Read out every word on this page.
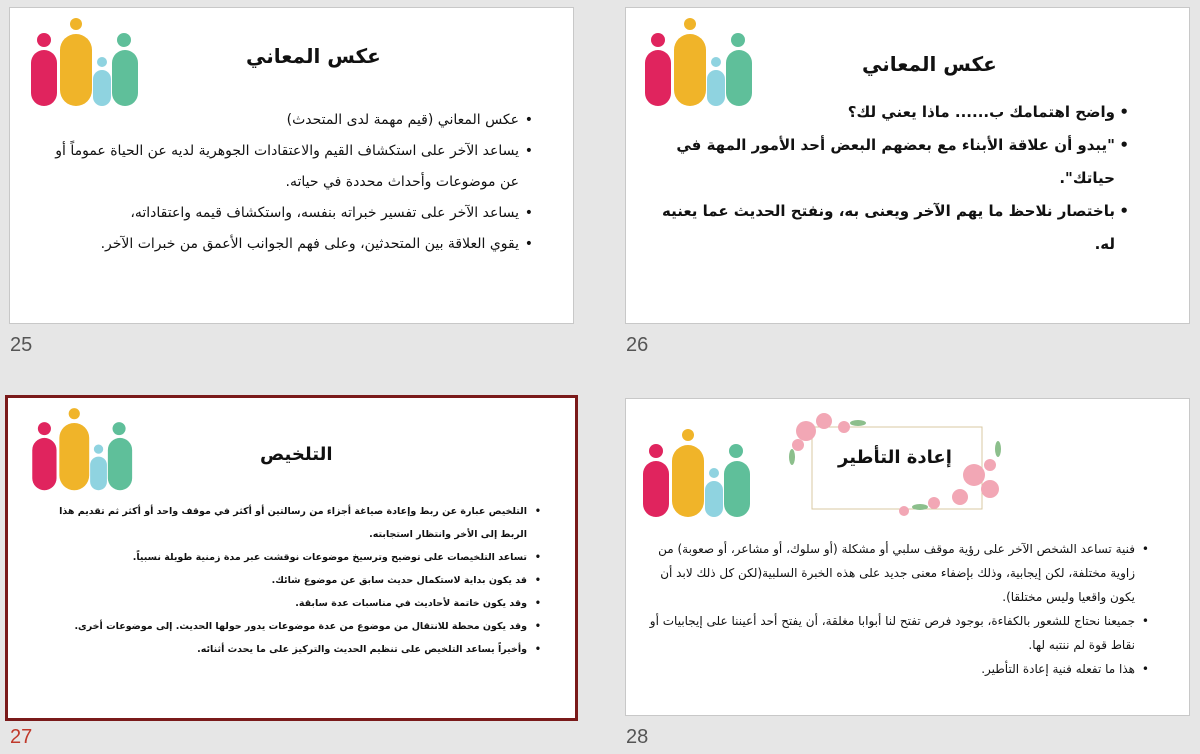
عكس المعاني
• عكس المعاني (قيم مهمة لدى المتحدث)
• يساعد الآخر على استكشاف القيم والاعتقادات الجوهرية لديه عن الحياة عموماً أو عن موضوعات وأحداث محددة في حياته.
• يساعد الآخر على تفسير خبراته بنفسه، واستكشاف قيمه واعتقاداته،
• يقوي العلاقة بين المتحدثين، وعلى فهم الجوانب الأعمق من خبرات الآخر.
25
عكس المعاني
• واضح اهتمامك ب...... ماذا يعني لك؟
• "يبدو أن علاقة الأبناء مع بعضهم البعض أحد الأمور المهة في حياتك".
• باختصار نلاحظ ما يهم الآخر ويعنى به، ونفتح الحديث عما يعنيه له.
26
التلخيص
• التلخيص عبارة عن ربط وإعادة صياغة أجزاء من رسالتين أو أكثر في موقف واحد أو أكثر ثم تقديم هذا الربط إلى الأخر وانتظار استجابته.
• تساعد التلخيصات على توضيح وترسيخ موضوعات نوقشت عبر مدة زمنية طويلة نسبياً.
• قد يكون بداية لاستكمال حديث سابق عن موضوع شائك.
• وقد يكون خاتمة لأحاديث في مناسبات عدة سابقة.
• وقد يكون محطة للانتقال من موضوع من عدة موضوعات يدور حولها الحديث. إلى موضوعات أخرى.
• وأخيراً يساعد التلخيص على تنظيم الحديث والتركيز على ما يحدث أثنائه.
27
إعادة التأطير
• فنية تساعد الشخص الآخر على رؤية موقف سلبي أو مشكلة (أو سلوك، أو مشاعر، أو صعوبة) من زاوية مختلفة، لكن إيجابية، وذلك بإضفاء معنى جديد على هذه الخبرة السلبية(لكن كل ذلك لابد أن يكون واقعيا وليس مختلقا).
• جميعنا نحتاج للشعور بالكفاءة، بوجود فرص تفتح لنا أبوابا مغلقة، أن يفتح أحد أعيننا على إيجابيات أو نقاط قوة لم ننتبه لها.
• هذا ما تفعله فنية إعادة التأطير.
28
